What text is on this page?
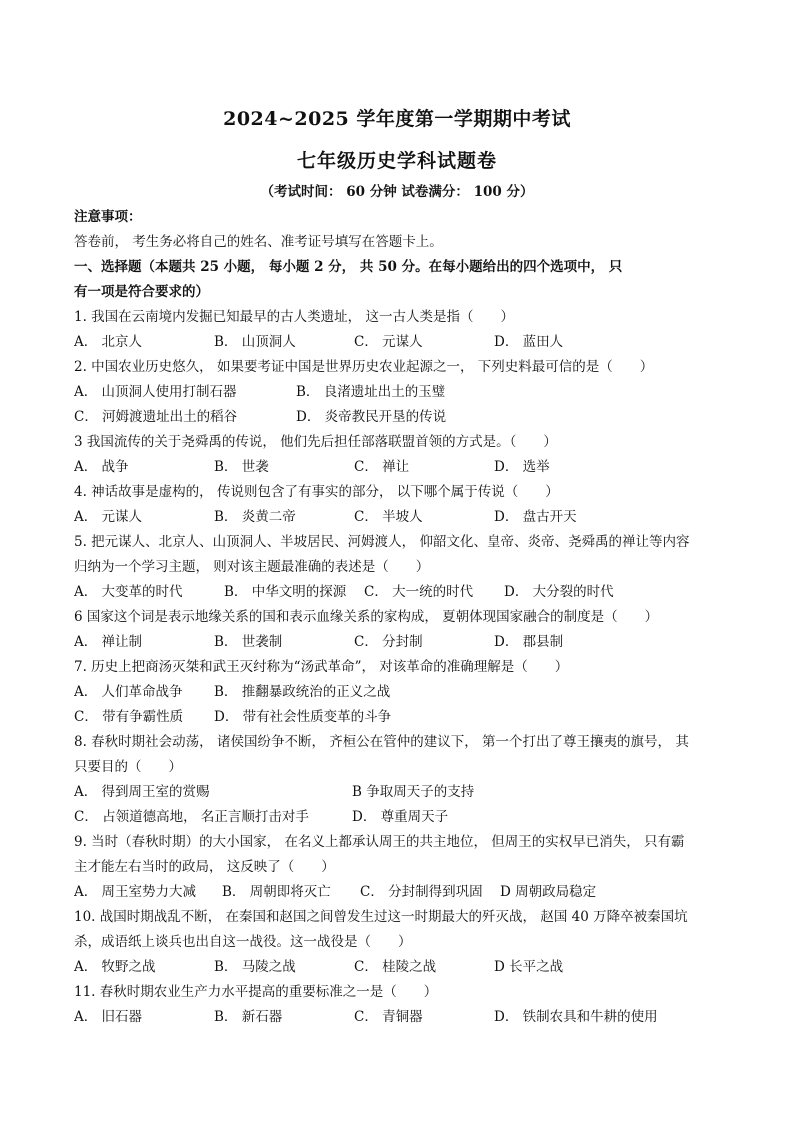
2024~2025 学年度第一学期期中考试
七年级历史学科试题卷
（考试时间： 60 分钟 试卷满分： 100 分）
注意事项：
答卷前， 考生务必将自己的姓名、准考证号填写在答题卡上。
一、选择题（本题共 25 小题， 每小题 2 分， 共 50 分。在每小题给出的四个选项中， 只
有一项是符合要求的）
1. 我国在云南境内发掘已知最早的古人类遗址， 这一古人类是指（　　）
A． 北京人	B． 山顶洞人	C． 元谋人	D． 蓝田人
2. 中国农业历史悠久， 如果要考证中国是世界历史农业起源之一， 下列史料最可信的是（　　）
A． 山顶洞人使用打制石器	B． 良渚遗址出土的玉璧
C． 河姆渡遗址出土的稻谷	D． 炎帝教民开垦的传说
3 我国流传的关于尧舜禹的传说， 他们先后担任部落联盟首领的方式是。（　　）
A． 战争	B． 世袭	C． 禅让	D． 选举
4. 神话故事是虚构的， 传说则包含了有事实的部分， 以下哪个属于传说（　　）
A． 元谋人	B． 炎黄二帝	C． 半坡人	D． 盘古开天
5. 把元谋人、北京人、山顶洞人、半坡居民、河姆渡人， 仰韶文化、皇帝、炎帝、尧舜禹的禅让等内容
归纳为一个学习主题， 则对该主题最准确的表述是（　　）
A． 大变革的时代	B． 中华文明的探源	C． 大一统的时代	D． 大分裂的时代
6 国家这个词是表示地缘关系的国和表示血缘关系的家构成， 夏朝体现国家融合的制度是（　　）
A． 禅让制	B． 世袭制	C． 分封制	D． 郡县制
7. 历史上把商汤灭桀和武王灭纣称为“汤武革命”， 对该革命的准确理解是（　　）
A． 人们革命战争	B． 推翻暴政统治的正义之战
C． 带有争霸性质	D． 带有社会性质变革的斗争
8. 春秋时期社会动荡， 诸侯国纷争不断， 齐桓公在管仲的建议下， 第一个打出了尊王攘夷的旗号， 其
只要目的（　　）
A． 得到周王室的赏赐	B 争取周天子的支持
C． 占领道德高地， 名正言顺打击对手	D． 尊重周天子
9. 当时（春秋时期）的大小国家， 在名义上都承认周王的共主地位， 但周王的实权早已消失， 只有霸
主才能左右当时的政局， 这反映了（　　）
A． 周王室势力大减	B． 周朝即将灭亡	C． 分封制得到巩固	D 周朝政局稳定
10. 战国时期战乱不断， 在秦国和赵国之间曾发生过这一时期最大的歼灭战， 赵国 40 万降卒被秦国坑
杀，成语纸上谈兵也出自这一战役。这一战役是（　　）
A． 牧野之战	B． 马陵之战	C． 桂陵之战	D 长平之战
11. 春秋时期农业生产力水平提高的重要标准之一是（　　）
A． 旧石器	B． 新石器	C． 青铜器	D． 铁制农具和牛耕的使用
